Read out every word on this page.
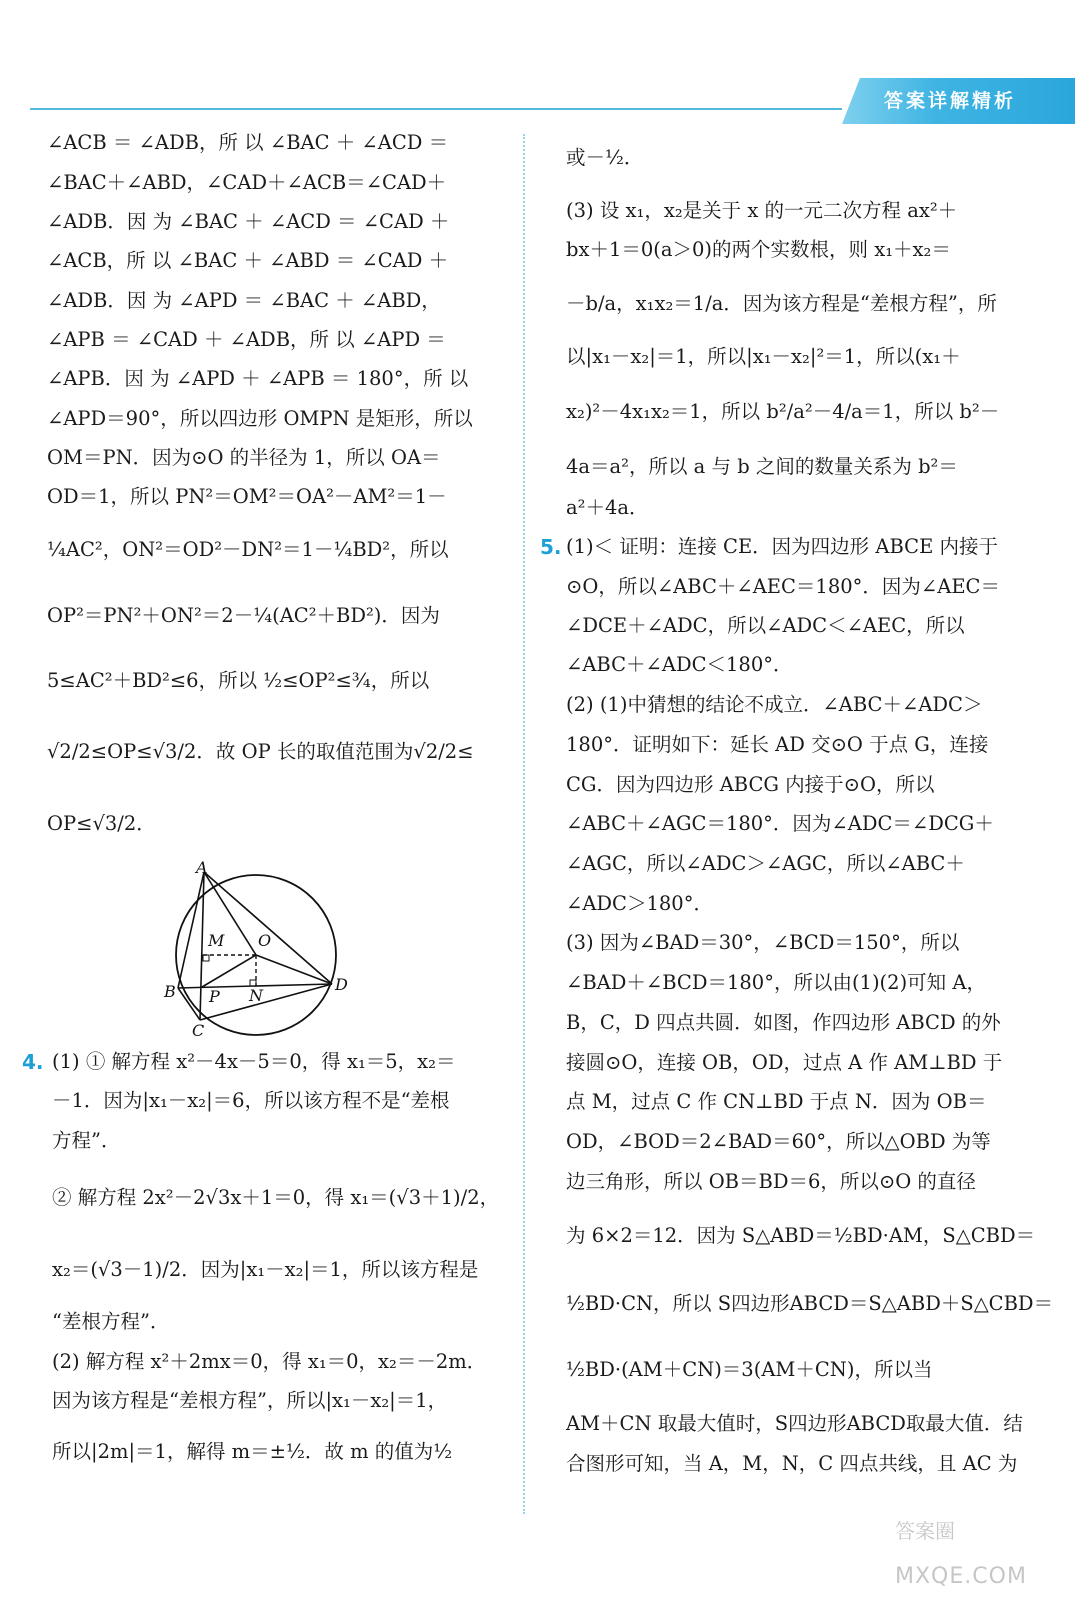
答案详解精析
∠ACB ＝ ∠ADB，所 以 ∠BAC ＋ ∠ACD ＝
∠BAC＋∠ABD，∠CAD＋∠ACB＝∠CAD＋
∠ADB．因 为 ∠BAC ＋ ∠ACD ＝ ∠CAD ＋
∠ACB，所 以 ∠BAC ＋ ∠ABD ＝ ∠CAD ＋
∠ADB．因 为 ∠APD ＝ ∠BAC ＋ ∠ABD，
∠APB ＝ ∠CAD ＋ ∠ADB，所 以 ∠APD ＝
∠APB．因 为 ∠APD ＋ ∠APB ＝ 180°，所 以
∠APD＝90°，所以四边形 OMPN 是矩形，所以
OM＝PN．因为⊙O 的半径为 1，所以 OA＝
OD＝1，所以 PN²＝OM²＝OA²－AM²＝1－
¼AC²，ON²＝OD²－DN²＝1－¼BD²，所以
OP²＝PN²＋ON²＝2－¼(AC²＋BD²)．因为
5≤AC²＋BD²≤6，所以 ½≤OP²≤¾，所以
√2/2≤OP≤√3/2．故 OP 长的取值范围为√2/2≤
OP≤√3/2．
A
M O
B P N
D
C
4. (1) ① 解方程 x²－4x－5＝0，得 x₁＝5，x₂＝
－1．因为|x₁－x₂|＝6，所以该方程不是“差根
方程”．
② 解方程 2x²－2√3x＋1＝0，得 x₁＝(√3＋1)/2，
x₂＝(√3－1)/2．因为|x₁－x₂|＝1，所以该方程是
“差根方程”．
(2) 解方程 x²＋2mx＝0，得 x₁＝0，x₂＝－2m．
因为该方程是“差根方程”，所以|x₁－x₂|＝1，
所以|2m|＝1，解得 m＝±½．故 m 的值为½
或－½．
(3) 设 x₁，x₂是关于 x 的一元二次方程 ax²＋
bx＋1＝0(a＞0)的两个实数根，则 x₁＋x₂＝
－b/a，x₁x₂＝1/a．因为该方程是“差根方程”，所
以|x₁－x₂|＝1，所以|x₁－x₂|²＝1，所以(x₁＋
x₂)²－4x₁x₂＝1，所以 b²/a²－4/a＝1，所以 b²－
4a＝a²，所以 a 与 b 之间的数量关系为 b²＝
a²＋4a．
5. (1)＜ 证明：连接 CE．因为四边形 ABCE 内接于
⊙O，所以∠ABC＋∠AEC＝180°．因为∠AEC＝
∠DCE＋∠ADC，所以∠ADC＜∠AEC，所以
∠ABC＋∠ADC＜180°．
(2) (1)中猜想的结论不成立．∠ABC＋∠ADC＞
180°．证明如下：延长 AD 交⊙O 于点 G，连接
CG．因为四边形 ABCG 内接于⊙O，所以
∠ABC＋∠AGC＝180°．因为∠ADC＝∠DCG＋
∠AGC，所以∠ADC＞∠AGC，所以∠ABC＋
∠ADC＞180°．
(3) 因为∠BAD＝30°，∠BCD＝150°，所以
∠BAD＋∠BCD＝180°，所以由(1)(2)可知 A，
B，C，D 四点共圆．如图，作四边形 ABCD 的外
接圆⊙O，连接 OB，OD，过点 A 作 AM⊥BD 于
点 M，过点 C 作 CN⊥BD 于点 N．因为 OB＝
OD，∠BOD＝2∠BAD＝60°，所以△OBD 为等
边三角形，所以 OB＝BD＝6，所以⊙O 的直径
为 6×2＝12．因为 S△ABD＝½BD·AM，S△CBD＝
½BD·CN，所以 S四边形ABCD＝S△ABD＋S△CBD＝
½BD·(AM＋CN)＝3(AM＋CN)，所以当
AM＋CN 取最大值时，S四边形ABCD取最大值．结
合图形可知，当 A，M，N，C 四点共线，且 AC 为
答案圈
MXQE.COM
